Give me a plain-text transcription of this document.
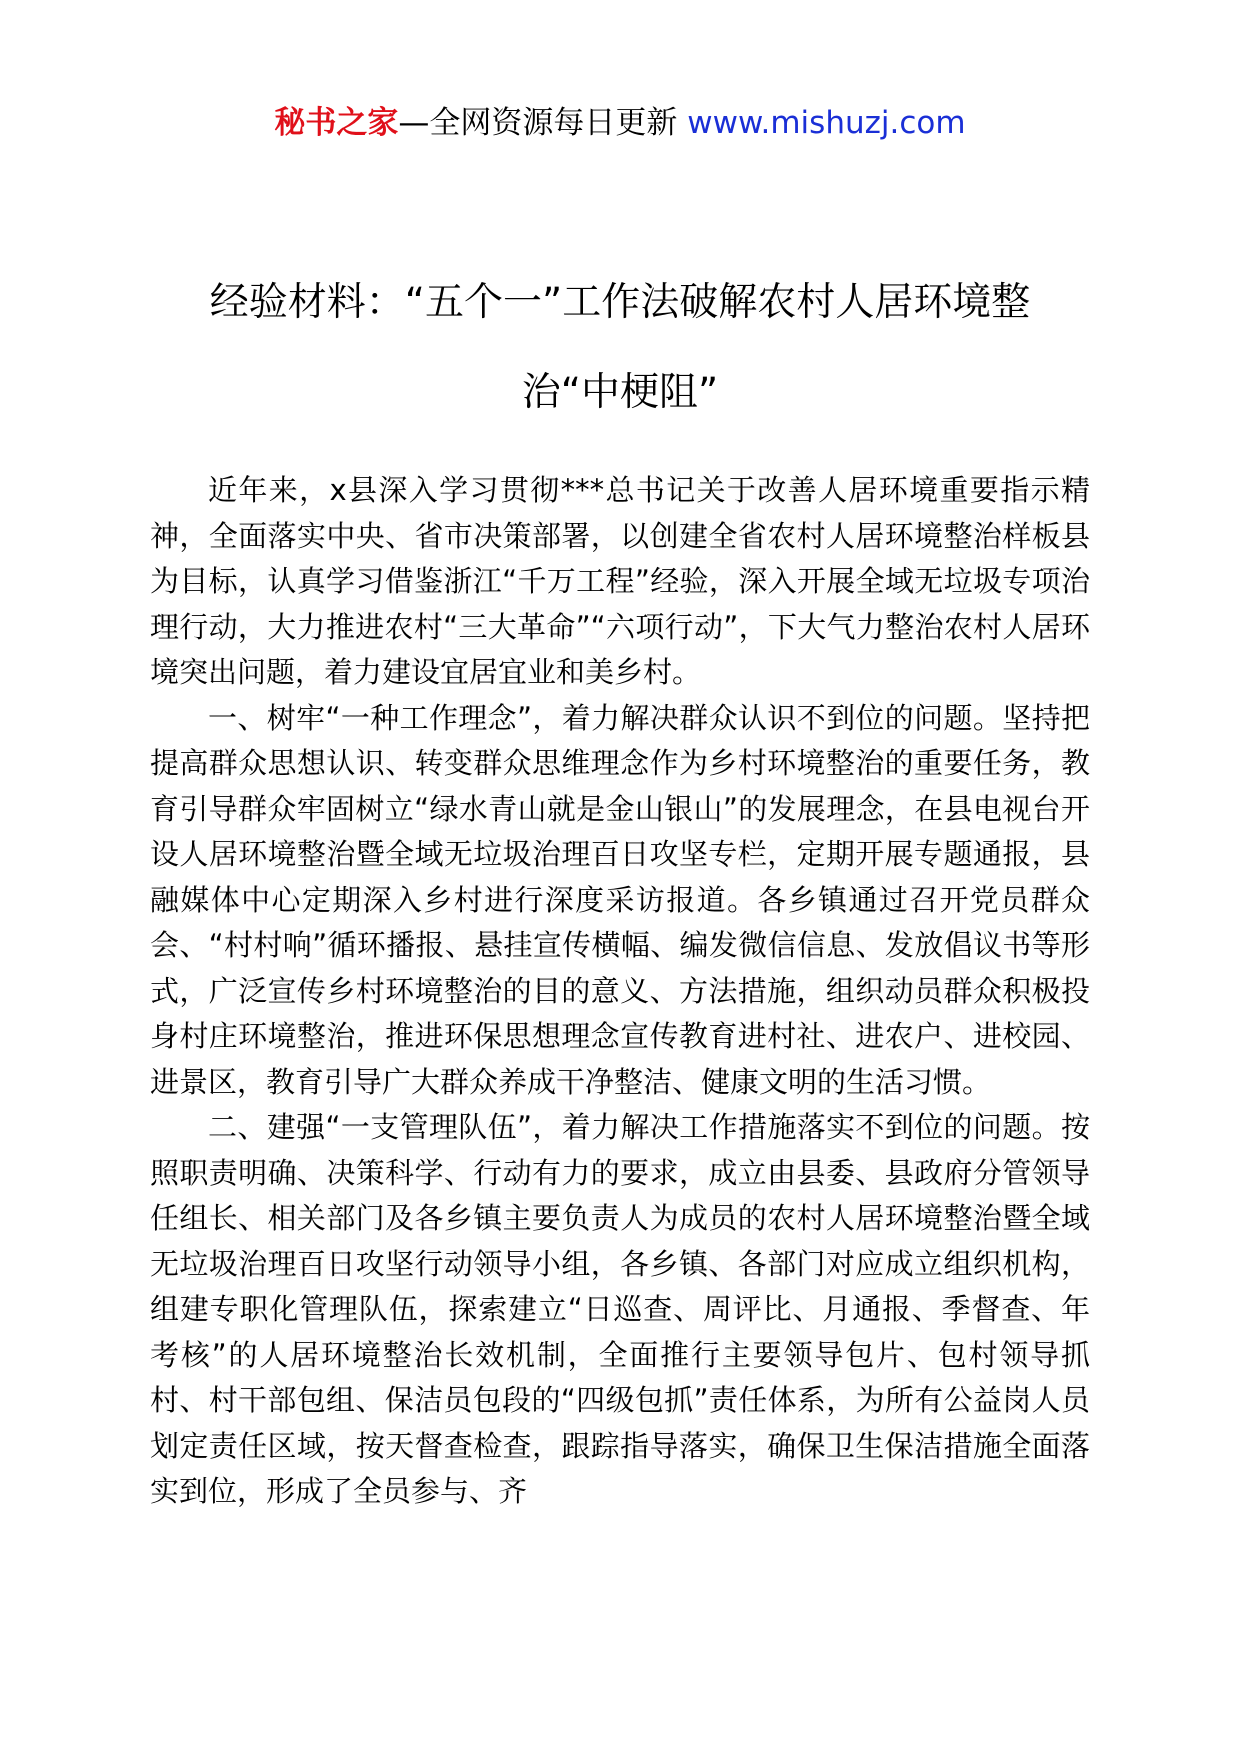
秘书之家—全网资源每日更新 www.mishuzj.com
经验材料：“五个一”工作法破解农村人居环境整
治“中梗阻”

近年来，x县深入学习贯彻***总书记关于改善人居环境重要指示精神，全面落实中央、省市决策部署，以创建全省农村人居环境整治样板县为目标，认真学习借鉴浙江“千万工程”经验，深入开展全域无垃圾专项治理行动，大力推进农村“三大革命”“六项行动”，下大气力整治农村人居环境突出问题，着力建设宜居宜业和美乡村。

一、树牢“一种工作理念”，着力解决群众认识不到位的问题。坚持把提高群众思想认识、转变群众思维理念作为乡村环境整治的重要任务，教育引导群众牢固树立“绿水青山就是金山银山”的发展理念，在县电视台开设人居环境整治暨全域无垃圾治理百日攻坚专栏，定期开展专题通报，县融媒体中心定期深入乡村进行深度采访报道。各乡镇通过召开党员群众会、“村村响”循环播报、悬挂宣传横幅、编发微信信息、发放倡议书等形式，广泛宣传乡村环境整治的目的意义、方法措施，组织动员群众积极投身村庄环境整治，推进环保思想理念宣传教育进村社、进农户、进校园、进景区，教育引导广大群众养成干净整洁、健康文明的生活习惯。

二、建强“一支管理队伍”，着力解决工作措施落实不到位的问题。按照职责明确、决策科学、行动有力的要求，成立由县委、县政府分管领导任组长、相关部门及各乡镇主要负责人为成员的农村人居环境整治暨全域无垃圾治理百日攻坚行动领导小组，各乡镇、各部门对应成立组织机构，组建专职化管理队伍，探索建立“日巡查、周评比、月通报、季督查、年考核”的人居环境整治长效机制，全面推行主要领导包片、包村领导抓村、村干部包组、保洁员包段的“四级包抓”责任体系，为所有公益岗人员划定责任区域，按天督查检查，跟踪指导落实，确保卫生保洁措施全面落实到位，形成了全员参与、齐
